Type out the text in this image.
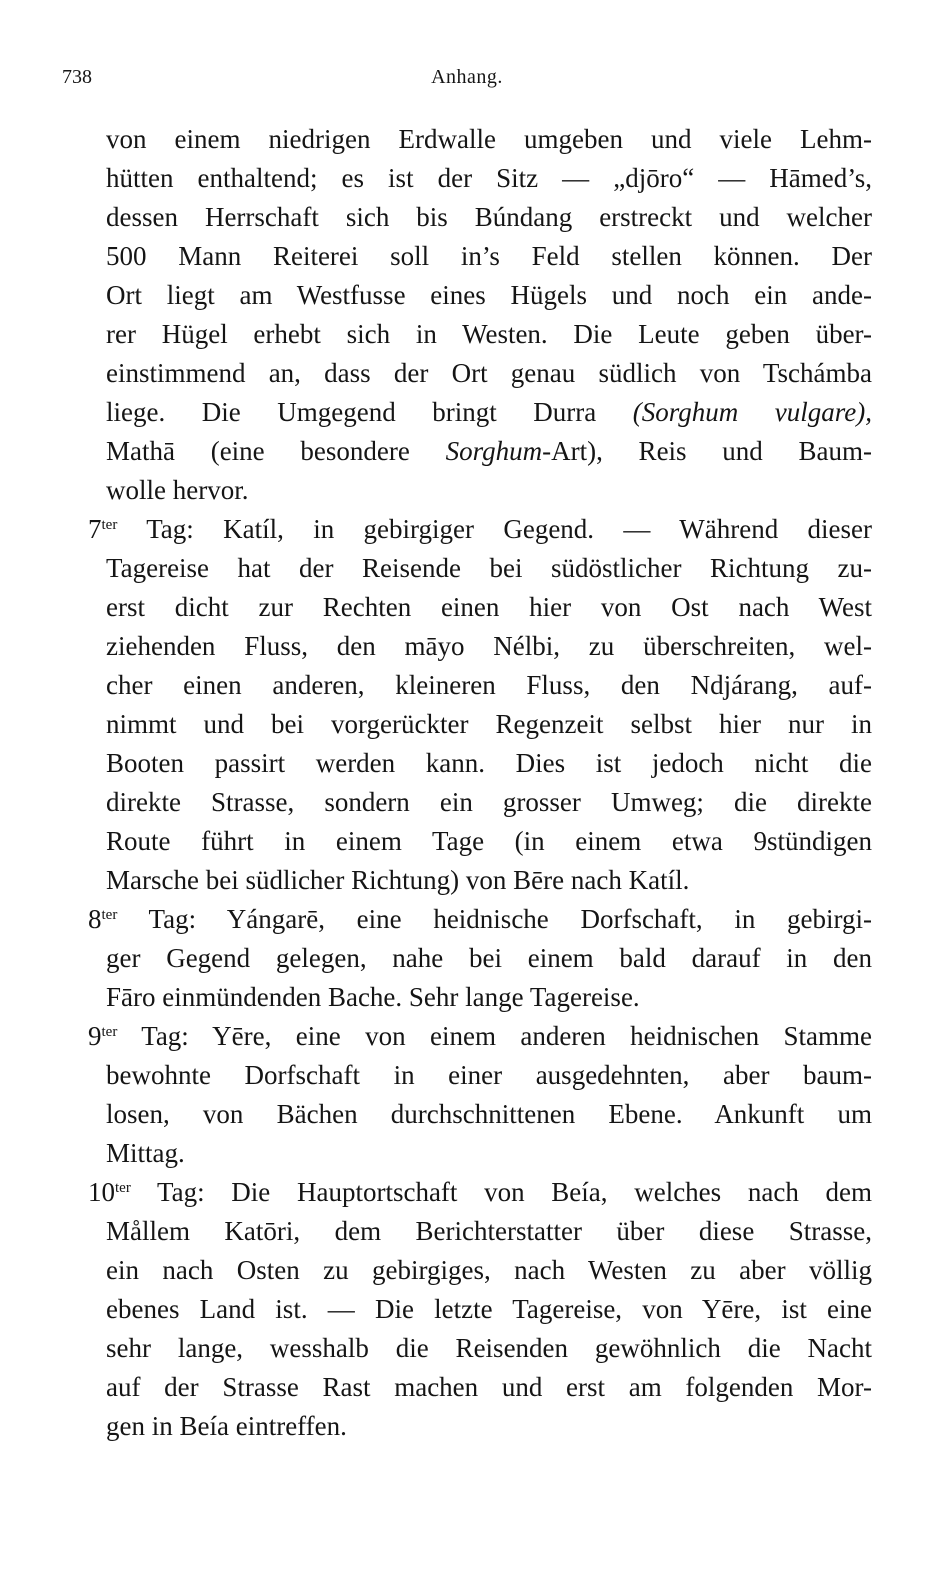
738	Anhang.
von einem niedrigen Erdwalle umgeben und viele Lehm-
hütten enthaltend; es ist der Sitz — „djōro“ — Hāmed’s,
dessen Herrschaft sich bis Búndang erstreckt und welcher
500 Mann Reiterei soll in’s Feld stellen können. Der
Ort liegt am Westfusse eines Hügels und noch ein ande-
rer Hügel erhebt sich in Westen. Die Leute geben über-
einstimmend an, dass der Ort genau südlich von Tschámba
liege. Die Umgegend bringt Durra (Sorghum vulgare),
Mathā (eine besondere Sorghum-Art), Reis und Baum-
wolle hervor.
$7^{ter}$ Tag: Katíl, in gebirgiger Gegend. — Während dieser
Tagereise hat der Reisende bei südöstlicher Richtung zu-
erst dicht zur Rechten einen hier von Ost nach West
ziehenden Fluss, den māyo Nélbi, zu überschreiten, wel-
cher einen anderen, kleineren Fluss, den Ndjárang, auf-
nimmt und bei vorgerückter Regenzeit selbst hier nur in
Booten passirt werden kann. Dies ist jedoch nicht die
direkte Strasse, sondern ein grosser Umweg; die direkte
Route führt in einem Tage (in einem etwa 9stündigen
Marsche bei südlicher Richtung) von Bēre nach Katíl.
$8^{ter}$ Tag: Yángarē, eine heidnische Dorfschaft, in gebirgi-
ger Gegend gelegen, nahe bei einem bald darauf in den
Fāro einmündenden Bache. Sehr lange Tagereise.
$9^{ter}$ Tag: Yēre, eine von einem anderen heidnischen Stamme
bewohnte Dorfschaft in einer ausgedehnten, aber baum-
losen, von Bächen durchschnittenen Ebene. Ankunft um
Mittag.
$10^{ter}$ Tag: Die Hauptortschaft von Beía, welches nach dem
Mållem Katōri, dem Berichterstatter über diese Strasse,
ein nach Osten zu gebirgiges, nach Westen zu aber völlig
ebenes Land ist. — Die letzte Tagereise, von Yēre, ist eine
sehr lange, wesshalb die Reisenden gewöhnlich die Nacht
auf der Strasse Rast machen und erst am folgenden Mor-
gen in Beía eintreffen.
